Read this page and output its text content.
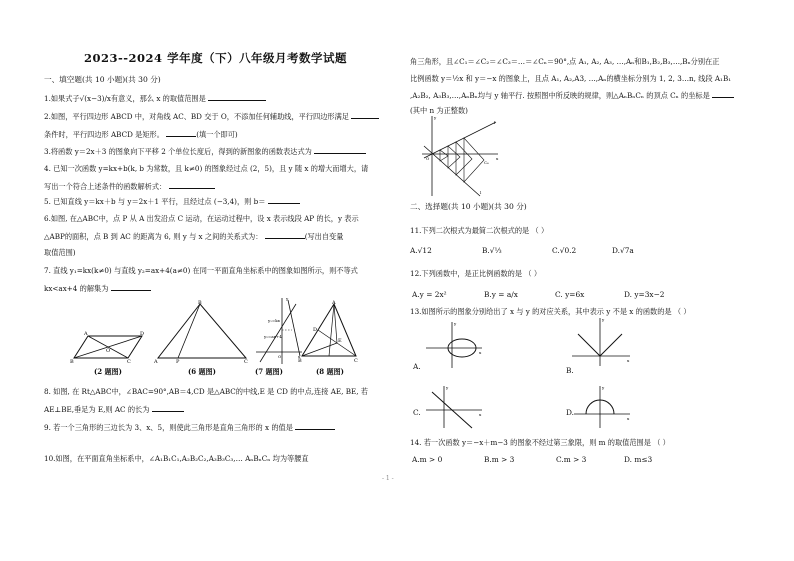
2023--2024 学年度（下）八年级月考数学试题
一、填空题(共 10 小题)(共 30 分)
1.如果式子√(x−3)/x有意义，那么 x 的取值范围是
2.如图，平行四边形 ABCD 中，对角线 AC、BD 交于 O，不添加任何辅助线，平行四边形满足
条件时，平行四边形 ABCD 是矩形。	(填一个即可)
3.将函数 y＝2x＋3 的图象向下平移 2 个单位长度后，得到的新图象的函数表达式为
4. 已知一次函数 y=kx+b(k, b 为常数，且 k≠0) 的图象经过点 (2，5)，且 y 随 x 的增大而增大，请
写出一个符合上述条件的函数解析式：
5. 已知直线 y＝kx＋b 与 y＝2x＋1 平行，且经过点 (−3,4)，则 b＝
6.如图, 在△ABC中，点 P 从 A 出发沿点 C 运动，在运动过程中，设 x 表示线段 AP 的长，y 表示
△ABP的面积，点 B 到 AC 的距离为 6, 则 y 与 x 之间的关系式为：	(写出自变量
取值范围)
7. 直线 y₁=kx(k≠0) 与直线 y₂=ax+4(a≠0) 在同一平面直角坐标系中的图象如图所示，则不等式
kx<ax+4 的解集为
8. 如图, 在 Rt△ABC中，∠BAC=90°,AB＝4,CD 是△ABC的中线,E 是 CD 的中点,连接 AE, BE, 若
AE⊥BE,垂足为 E,则 AC 的长为
9. 若一个三角形的三边长为 3、x、5，则使此三角形是直角三角形的 x 的值是
10.如图，在平面直角坐标系中，∠A₁B₁C₁,A₂B₂C₂,A₃B₃C₃,… AₙBₙCₙ 均为等腰直
A	D
B	C
O
(2 题图)
B
A	P	C
(6 题图)
y₁=kx
y₂=ax+4
y
x
O
(7 题图)
A
B	C
D
E
(8 题图)
角三角形，且∠C₁＝∠C₂＝∠C₃＝…＝∠Cₙ＝90°,点 A₁, A₂, A₃, …,Aₙ和B₁,B₂,B₃,…,Bₙ分别在正
比例函数 y＝½x 和 y＝−x 的图象上，且点 A₁, A₂,A3, …,Aₙ的横坐标分别为 1, 2, 3…n, 线段 A₁B₁
,A₂B₂, A₃B₃,…,AₙBₙ均与 y 轴平行. 按照图中所反映的规律，则△AₙBₙCₙ 的顶点 Cₙ 的坐标是
(其中 n 为正整数)
二、选择题(共 10 小题)(共 30 分)
11.下列二次根式为最简二次根式的是 （ ）
12.下列函数中，是正比例函数的是 （ ）
13.如图所示的图象分别给出了 x 与 y 的对应关系，其中表示 y 不是 x 的函数的是 （ ）
14. 若一次函数 y＝−x＋m−3 的图象不经过第三象限，则 m 的取值范围是 （ ）
y
x
O
l
l
C₄
A.√12	B.√⅓	C.√0.2	D.√7a
A.y = 2x²	B.y = a/x	C. y=6x	D. y=3x−2
y
x
A.
y
x
B.
y
x
C.
y
x
D.
A.m > 0	B.m > 3	C.m > 3	D. m≤3
- 1 -
